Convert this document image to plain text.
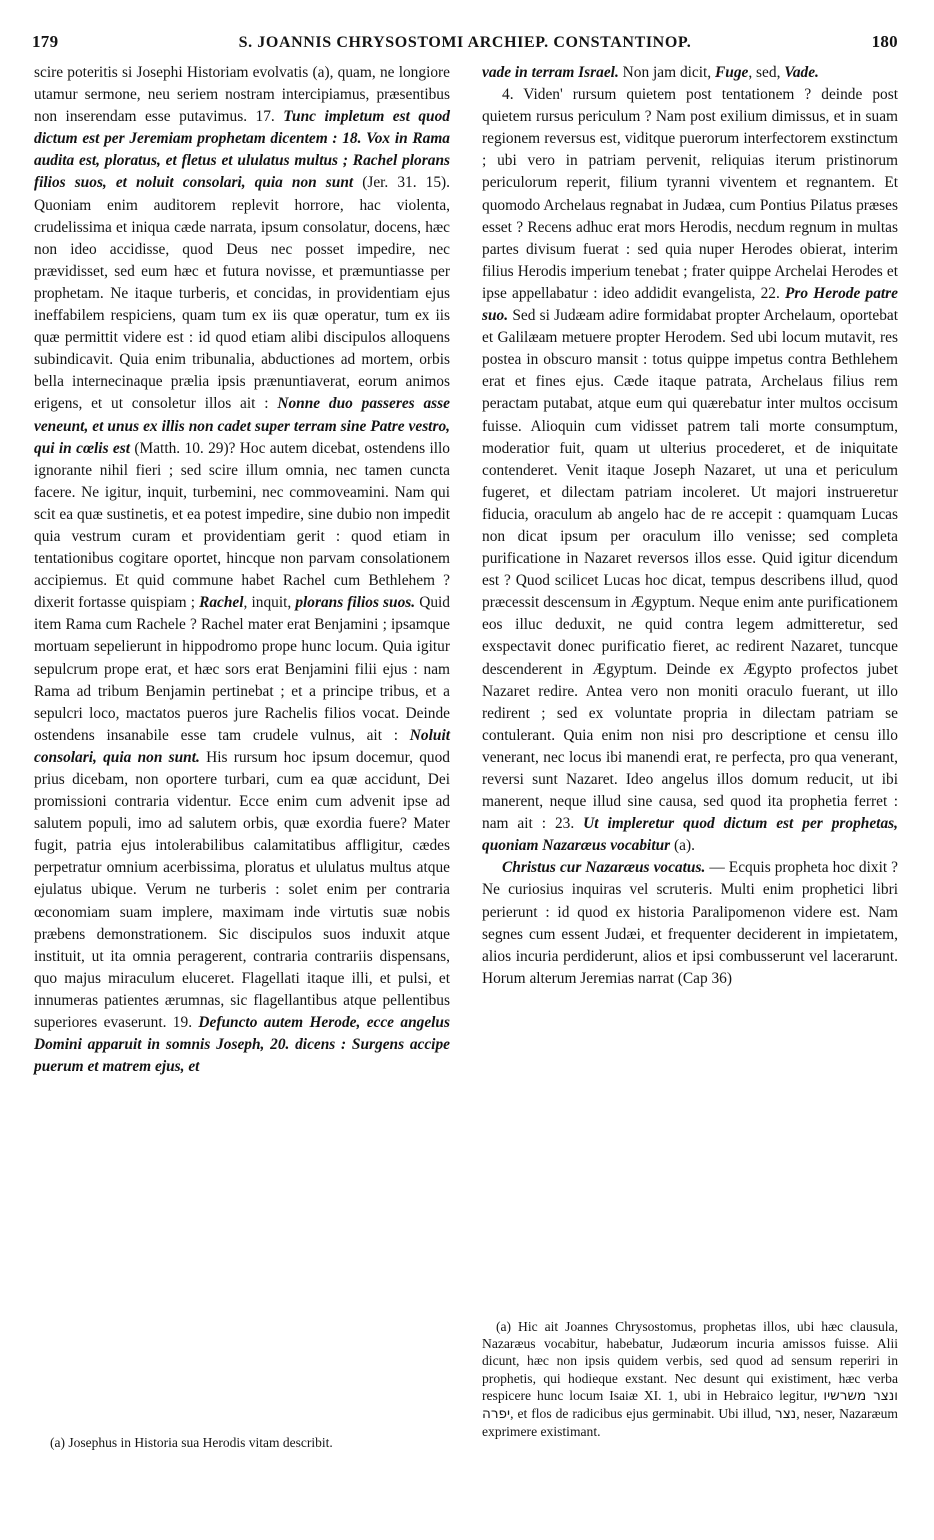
179	S. JOANNIS CHRYSOSTOMI ARCHIEP. CONSTANTINOP.	180

scire poteritis si Josephi Historiam evolvatis (a), quam, ne longiore utamur sermone, neu seriem nostram intercipiamus, præsentibus non inserendam esse putavimus. 17. Tunc impletum est quod dictum est per Jeremiam prophetam dicentem : 18. Vox in Rama audita est, ploratus, et fletus et ululatus multus ; Rachel plorans filios suos, et noluit consolari, quia non sunt (Jer. 31. 15). Quoniam enim auditorem replevit horrore, hac violenta, crudelissima et iniqua cæde narrata, ipsum consolatur, docens, hæc non ideo accidisse, quod Deus nec posset impedire, nec prævidisset, sed eum hæc et futura novisse, et præmuntiasse per prophetam. Ne itaque turberis, et concidas, in providentiam ejus ineffabilem respiciens, quam tum ex iis quæ operatur, tum ex iis quæ permittit videre est : id quod etiam alibi discipulos alloquens subindicavit. Quia enim tribunalia, abductiones ad mortem, orbis bella internecinaque prælia ipsis prænuntiaverat, eorum animos erigens, et ut consoletur illos ait : Nonne duo passeres asse veneunt, et unus ex illis non cadet super terram sine Patre vestro, qui in cœlis est (Matth. 10. 29)? Hoc autem dicebat, ostendens illo ignorante nihil fieri ; sed scire illum omnia, nec tamen cuncta facere. Ne igitur, inquit, turbemini, nec commoveamini. Nam qui scit ea quæ sustinetis, et ea potest impedire, sine dubio non impedit quia vestrum curam et providentiam gerit : quod etiam in tentationibus cogitare oportet, hincque non parvam consolationem accipiemus. Et quid commune habet Rachel cum Bethlehem ? dixerit fortasse quispiam ; Rachel, inquit, plorans filios suos. Quid item Rama cum Rachele ? Rachel mater erat Benjamini ; ipsamque mortuam sepelierunt in hippodromo prope hunc locum. Quia igitur sepulcrum prope erat, et hæc sors erat Benjamini filii ejus : nam Rama ad tribum Benjamin pertinebat ; et a principe tribus, et a sepulcri loco, mactatos pueros jure Rachelis filios vocat. Deinde ostendens insanabile esse tam crudele vulnus, ait : Noluit consolari, quia non sunt. His rursum hoc ipsum docemur, quod prius dicebam, non oportere turbari, cum ea quæ accidunt, Dei promissioni contraria videntur. Ecce enim cum advenit ipse ad salutem populi, imo ad salutem orbis, quæ exordia fuere? Mater fugit, patria ejus intolerabilibus calamitatibus affligitur, cædes perpetratur omnium acerbissima, ploratus et ululatus multus atque ejulatus ubique. Verum ne turberis : solet enim per contraria œconomiam suam implere, maximam inde virtutis suæ nobis præbens demonstrationem. Sic discipulos suos induxit atque instituit, ut ita omnia peragerent, contraria contrariis dispensans, quo majus miraculum eluceret. Flagellati itaque illi, et pulsi, et innumeras patientes ærumnas, sic flagellantibus atque pellentibus superiores evaserunt. 19. Defuncto autem Herode, ecce angelus Domini apparuit in somnis Joseph, 20. dicens : Surgens accipe puerum et matrem ejus, et

(a) Josephus in Historia sua Herodis vitam describit.

vade in terram Israel. Non jam dicit, Fuge, sed, Vade.

4. Viden' rursum quietem post tentationem ? deinde post quietem rursus periculum ? Nam post exilium dimissus, et in suam regionem reversus est, viditque puerorum interfectorem exstinctum ; ubi vero in patriam pervenit, reliquias iterum pristinorum periculorum reperit, filium tyranni viventem et regnantem. Et quomodo Archelaus regnabat in Judæa, cum Pontius Pilatus præses esset ? Recens adhuc erat mors Herodis, necdum regnum in multas partes divisum fuerat : sed quia nuper Herodes obierat, interim filius Herodis imperium tenebat ; frater quippe Archelai Herodes et ipse appellabatur : ideo addidit evangelista, 22. Pro Herode patre suo. Sed si Judæam adire formidabat propter Archelaum, oportebat et Galilæam metuere propter Herodem. Sed ubi locum mutavit, res postea in obscuro mansit : totus quippe impetus contra Bethlehem erat et fines ejus. Cæde itaque patrata, Archelaus filius rem peractam putabat, atque eum qui quærebatur inter multos occisum fuisse. Alioquin cum vidisset patrem tali morte consumptum, moderatior fuit, quam ut ulterius procederet, et de iniquitate contenderet. Venit itaque Joseph Nazaret, ut una et periculum fugeret, et dilectam patriam incoleret. Ut majori instrueretur fiducia, oraculum ab angelo hac de re accepit : quamquam Lucas non dicat ipsum per oraculum illo venisse; sed completa purificatione in Nazaret reversos illos esse. Quid igitur dicendum est ? Quod scilicet Lucas hoc dicat, tempus describens illud, quod præcessit descensum in Ægyptum. Neque enim ante purificationem eos illuc deduxit, ne quid contra legem admitteretur, sed exspectavit donec purificatio fieret, ac redirent Nazaret, tuncque descenderent in Ægyptum. Deinde ex Ægypto profectos jubet Nazaret redire. Antea vero non moniti oraculo fuerant, ut illo redirent ; sed ex voluntate propria in dilectam patriam se contulerant. Quia enim non nisi pro descriptione et censu illo venerant, nec locus ibi manendi erat, re perfecta, pro qua venerant, reversi sunt Nazaret. Ideo angelus illos domum reducit, ut ibi manerent, neque illud sine causa, sed quod ita prophetia ferret : nam ait : 23. Ut impleretur quod dictum est per prophetas, quoniam Nazaræus vocabitur (a).

Christus cur Nazaræus vocatus. — Ecquis propheta hoc dixit ? Ne curiosius inquiras vel scruteris. Multi enim prophetici libri perierunt : id quod ex historia Paralipomenon videre est. Nam segnes cum essent Judæi, et frequenter deciderent in impietatem, alios incuria perdiderunt, alios et ipsi combusserunt vel lacerarunt. Horum alterum Jeremias narrat (Cap 36)

(a) Hic ait Joannes Chrysostomus, prophetas illos, ubi hæc clausula, Nazaræus vocabitur, habebatur, Judæorum incuria amissos fuisse. Alii dicunt, hæc non ipsis quidem verbis, sed quod ad sensum reperiri in prophetis, qui hodieque exstant. Nec desunt qui existiment, hæc verba respicere hunc locum Isaiæ XI. 1, ubi in Hebraico legitur, ונצר משרשיו יפרה, et flos de radicibus ejus germinabit. Ubi illud, נצר, neser, Nazaræum exprimere existimant.
